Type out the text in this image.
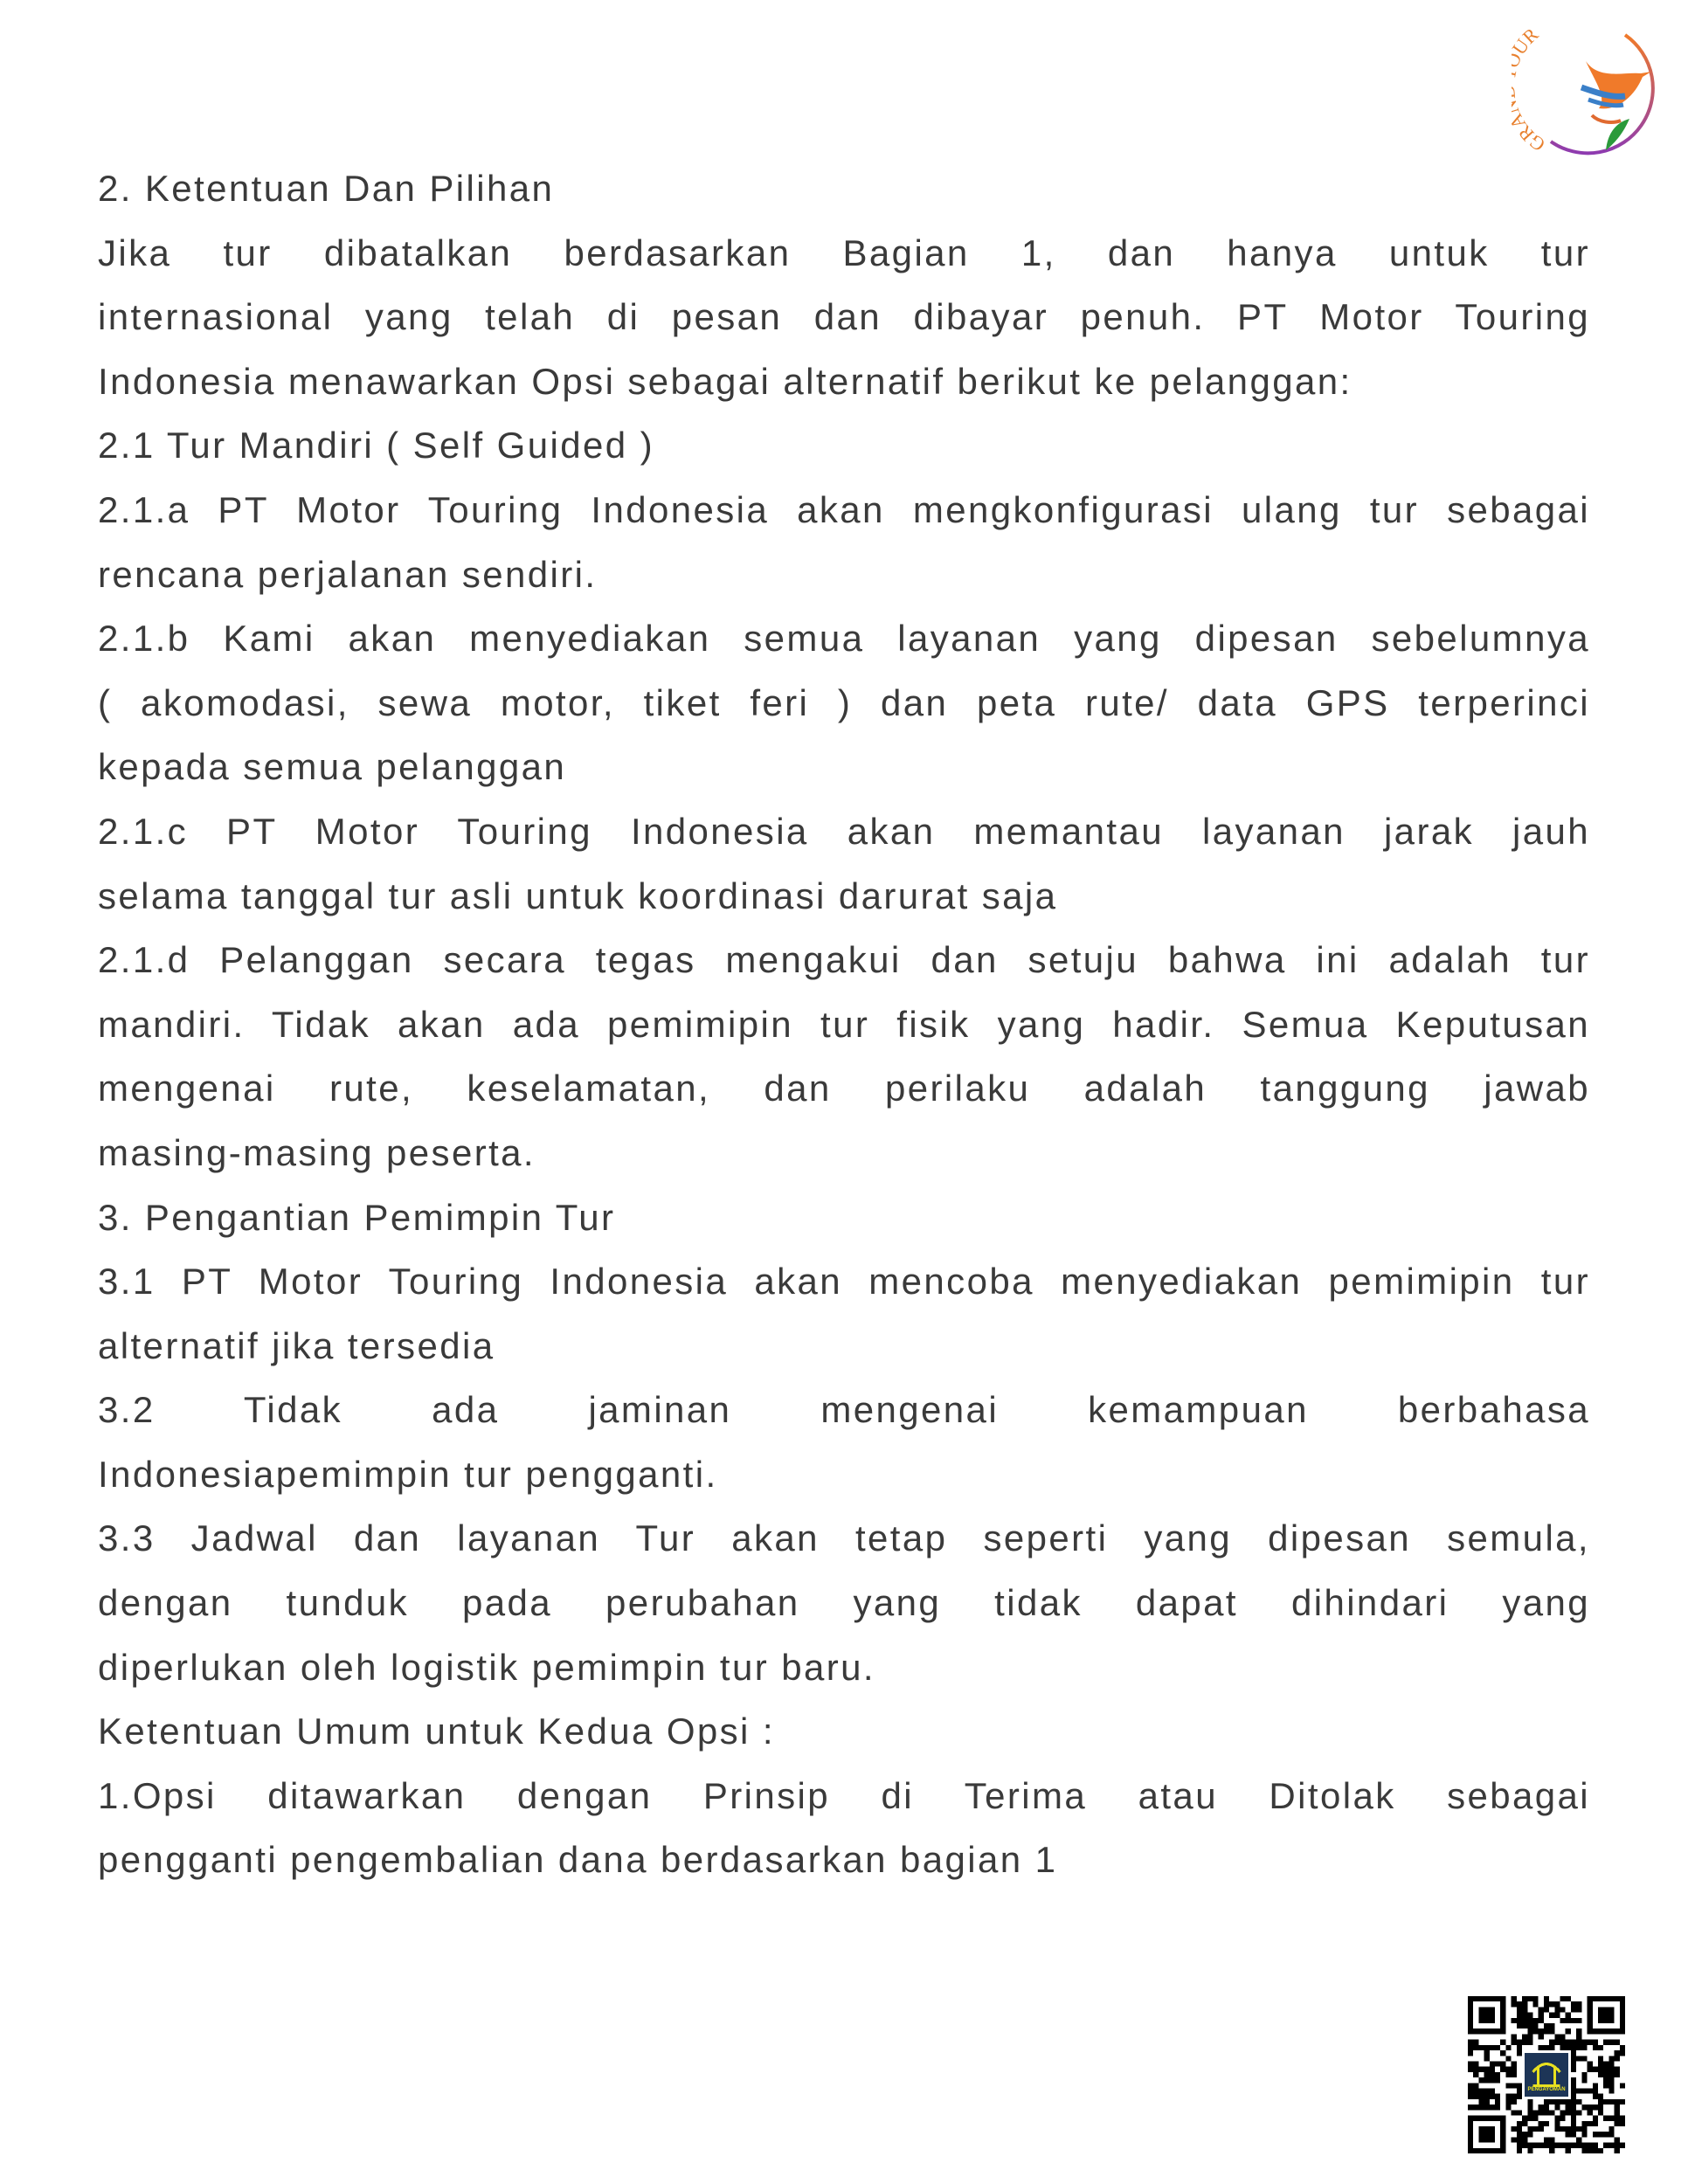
GR R
2. Ketentuan Dan Pilihan
Jika tur dibatalkan berdasarkan Bagian 1, dan hanya untuk tur
internasional yang telah di pesan dan dibayar penuh. PT Motor Touring
Indonesia menawarkan Opsi sebagai alternatif berikut ke pelanggan:
2.1 Tur Mandiri ( Self Guided )
2.1.a PT Motor Touring Indonesia akan mengkonfigurasi ulang tur sebagai
rencana perjalanan sendiri.
2.1.b Kami akan menyediakan semua layanan yang dipesan sebelumnya
( akomodasi, sewa motor, tiket feri ) dan peta rute/ data GPS terperinci
kepada semua pelanggan
2.1.c PT Motor Touring Indonesia akan memantau layanan jarak jauh
selama tanggal tur asli untuk koordinasi darurat saja
2.1.d Pelanggan secara tegas mengakui dan setuju bahwa ini adalah tur
mandiri. Tidak akan ada pemimipin tur fisik yang hadir. Semua Keputusan
mengenai rute, keselamatan, dan perilaku adalah tanggung jawab
masing-masing peserta.
3. Pengantian Pemimpin Tur
3.1 PT Motor Touring Indonesia akan mencoba menyediakan pemimipin tur
alternatif jika tersedia
3.2 Tidak ada jaminan mengenai kemampuan berbahasa
Indonesiapemimpin tur pengganti.
3.3 Jadwal dan layanan Tur akan tetap seperti yang dipesan semula,
dengan tunduk pada perubahan yang tidak dapat dihindari yang
diperlukan oleh logistik pemimpin tur baru.
Ketentuan Umum untuk Kedua Opsi :
1.Opsi ditawarkan dengan Prinsip di Terima atau Ditolak sebagai
pengganti pengembalian dana berdasarkan bagian 1
PENGAYOMAN
